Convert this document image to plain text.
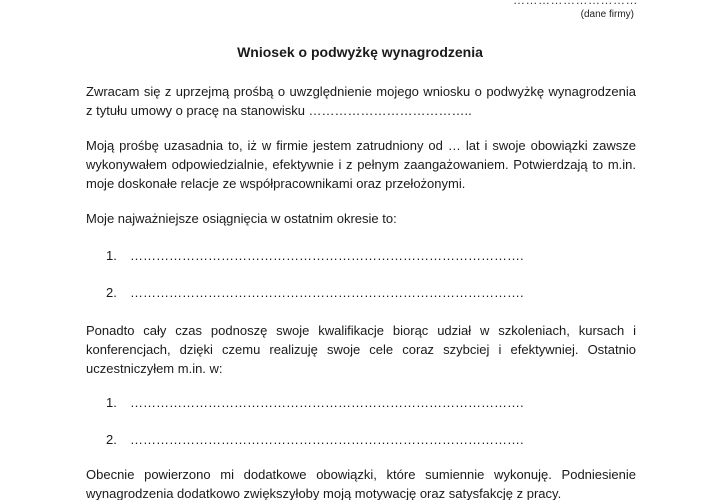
…………………………
(dane firmy)
Wniosek o podwyżkę wynagrodzenia

Zwracam się z uprzejmą prośbą o uwzględnienie mojego wniosku o podwyżkę wynagrodzenia z tytułu umowy o pracę na stanowisku ………………………………..

Moją prośbę uzasadnia to, iż w firmie jestem zatrudniony od … lat i swoje obowiązki zawsze wykonywałem odpowiedzialnie, efektywnie i z pełnym zaangażowaniem. Potwierdzają to m.in. moje doskonałe relacje ze współpracownikami oraz przełożonymi.

Moje najważniejsze osiągnięcia w ostatnim okresie to:

1. ……………………………………………………………………………….
2. ……………………………………………………………………………….

Ponadto cały czas podnoszę swoje kwalifikacje biorąc udział w szkoleniach, kursach i konferencjach, dzięki czemu realizuję swoje cele coraz szybciej i efektywniej. Ostatnio uczestniczyłem m.in. w:

1. ……………………………………………………………………………….
2. ……………………………………………………………………………….

Obecnie powierzono mi dodatkowe obowiązki, które sumiennie wykonuję. Podniesienie wynagrodzenia dodatkowo zwiększyłoby moją motywację oraz satysfakcję z pracy.
